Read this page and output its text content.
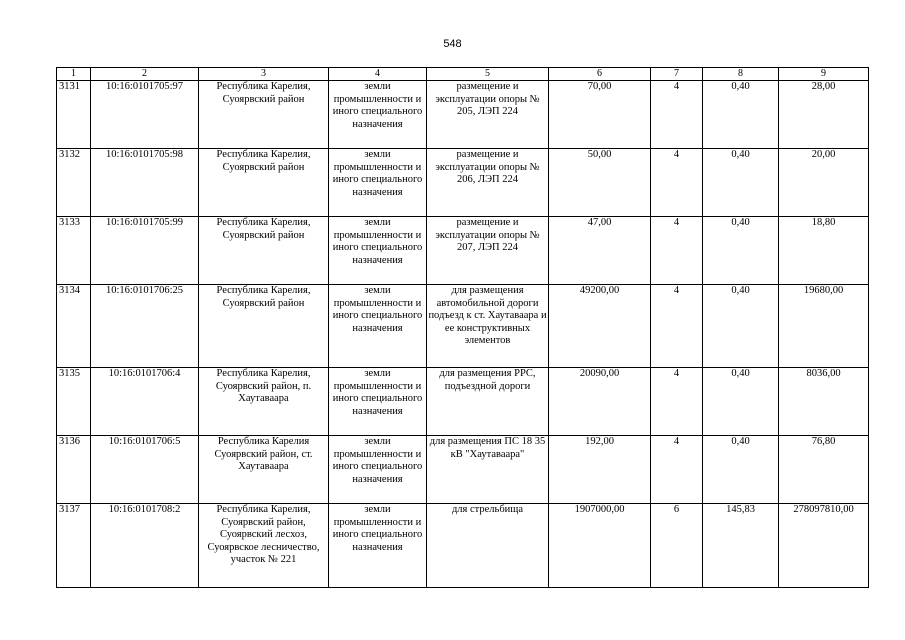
548
1	2	3	4	5	6	7	8	9
3131	10:16:0101705:97	Республика Карелия, Суоярвский район	земли промышленности и иного специального назначения	размещение и эксплуатации опоры № 205, ЛЭП 224	70,00	4	0,40	28,00
3132	10:16:0101705:98	Республика Карелия, Суоярвский район	земли промышленности и иного специального назначения	размещение и эксплуатации опоры № 206, ЛЭП 224	50,00	4	0,40	20,00
3133	10:16:0101705:99	Республика Карелия, Суоярвский район	земли промышленности и иного специального назначения	размещение и эксплуатации опоры № 207, ЛЭП 224	47,00	4	0,40	18,80
3134	10:16:0101706:25	Республика Карелия, Суоярвский район	земли промышленности и иного специального назначения	для размещения автомобильной дороги подъезд к ст. Хаутаваара и ее конструктивных элементов	49200,00	4	0,40	19680,00
3135	10:16:0101706:4	Республика Карелия, Суоярвский район, п. Хаутаваара	земли промышленности и иного специального назначения	для размещения РРС, подъездной дороги	20090,00	4	0,40	8036,00
3136	10:16:0101706:5	Республика Карелия Суоярвский район, ст. Хаутаваара	земли промышленности и иного специального назначения	для размещения ПС 18 35 кВ "Хаутаваара"	192,00	4	0,40	76,80
3137	10:16:0101708:2	Республика Карелия, Суоярвский район, Суоярвский лесхоз, Суоярвское лесничество, участок № 221	земли промышленности и иного специального назначения	для стрельбища	1907000,00	6	145,83	278097810,00
